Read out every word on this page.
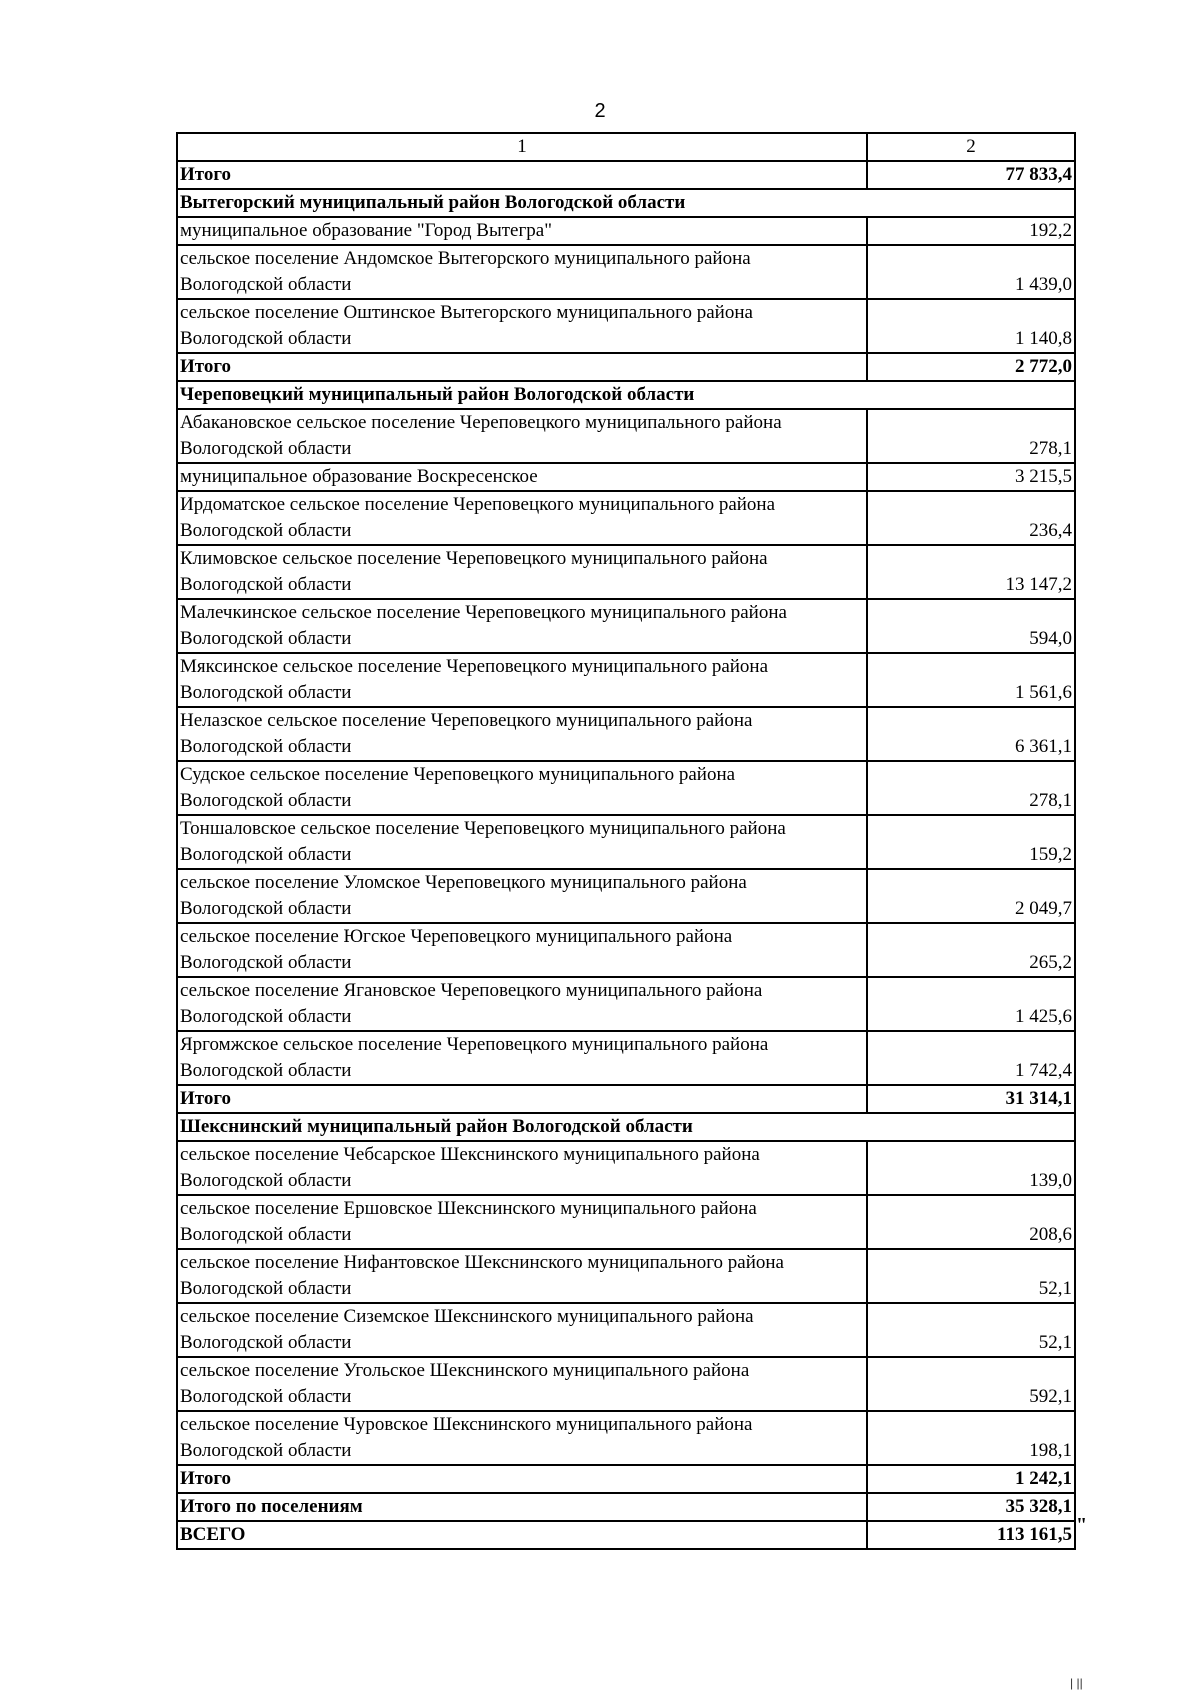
2
1	2

Итого	77 833,4
Вытегорский муниципальный район Вологодской области	

муниципальное образование "Город Вытегра"	192,2

сельское поселение Андомское Вытегорского муниципального района
Вологодской области	1 439,0

сельское поселение Оштинское Вытегорского муниципального района
Вологодской области	1 140,8

Итого	2 772,0
Череповецкий муниципальный район Вологодской области	

Абакановское сельское поселение Череповецкого муниципального района
Вологодской области	278,1

муниципальное образование Воскресенское	3 215,5

Ирдоматское сельское поселение Череповецкого муниципального района
Вологодской области	236,4

Климовское сельское поселение Череповецкого муниципального района
Вологодской области	13 147,2

Малечкинское сельское поселение Череповецкого муниципального района
Вологодской области	594,0

Мяксинское сельское поселение Череповецкого муниципального района
Вологодской области	1 561,6

Нелазское сельское поселение Череповецкого муниципального района
Вологодской области	6 361,1

Судское сельское поселение Череповецкого муниципального района
Вологодской области	278,1

Тоншаловское сельское поселение Череповецкого муниципального района
Вологодской области	159,2

сельское поселение Уломское Череповецкого муниципального района
Вологодской области	2 049,7

сельское поселение Югское Череповецкого муниципального района
Вологодской области	265,2

сельское поселение Ягановское Череповецкого муниципального района
Вологодской области	1 425,6

Яргомжское сельское поселение Череповецкого муниципального района
Вологодской области	1 742,4

Итого	31 314,1
Шекснинский муниципальный район Вологодской области	

сельское поселение Чебсарское Шекснинского муниципального района
Вологодской области	139,0

сельское поселение Ершовское Шекснинского муниципального района
Вологодской области	208,6

сельское поселение Нифантовское Шекснинского муниципального района
Вологодской области	52,1

сельское поселение Сиземское Шекснинского муниципального района
Вологодской области	52,1

сельское поселение Угольское Шекснинского муниципального района
Вологодской области	592,1

сельское поселение Чуровское Шекснинского муниципального района
Вологодской области	198,1

Итого	1 242,1

Итого по поселениям	35 328,1

ВСЕГО	113 161,5 "
| ||
